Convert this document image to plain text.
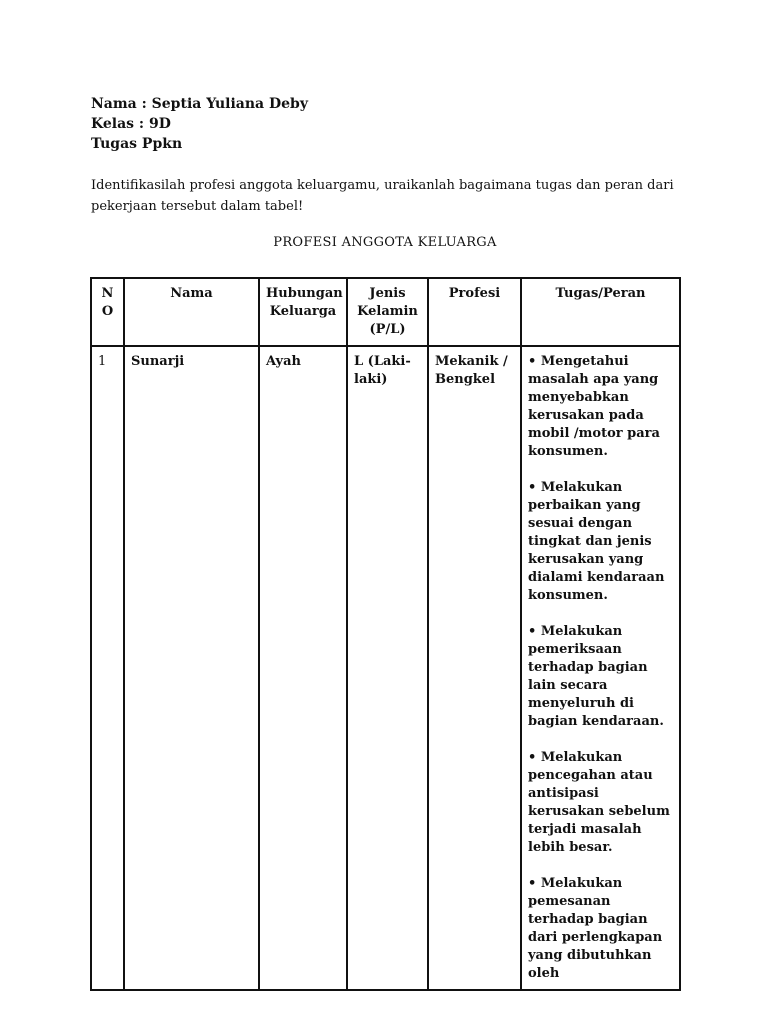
Nama : Septia Yuliana Deby
Kelas : 9D
Tugas Ppkn
Identifikasilah profesi anggota keluargamu, uraikanlah bagaimana tugas dan peran dari pekerjaan tersebut dalam tabel!
PROFESI ANGGOTA KELUARGA
NO	Nama	Hubungan Keluarga	Jenis Kelamin (P/L)	Profesi	Tugas/Peran
1	Sunarji	Ayah	L (Laki-laki)	Mekanik / Bengkel	• Mengetahui masalah apa yang menyebabkan kerusakan pada mobil /motor para konsumen.
• Melakukan perbaikan yang sesuai dengan tingkat dan jenis kerusakan yang dialami kendaraan konsumen.
• Melakukan pemeriksaan terhadap bagian lain secara menyeluruh di bagian kendaraan.
• Melakukan pencegahan atau antisipasi kerusakan sebelum terjadi masalah lebih besar.
• Melakukan pemesanan terhadap bagian dari perlengkapan yang dibutuhkan oleh
